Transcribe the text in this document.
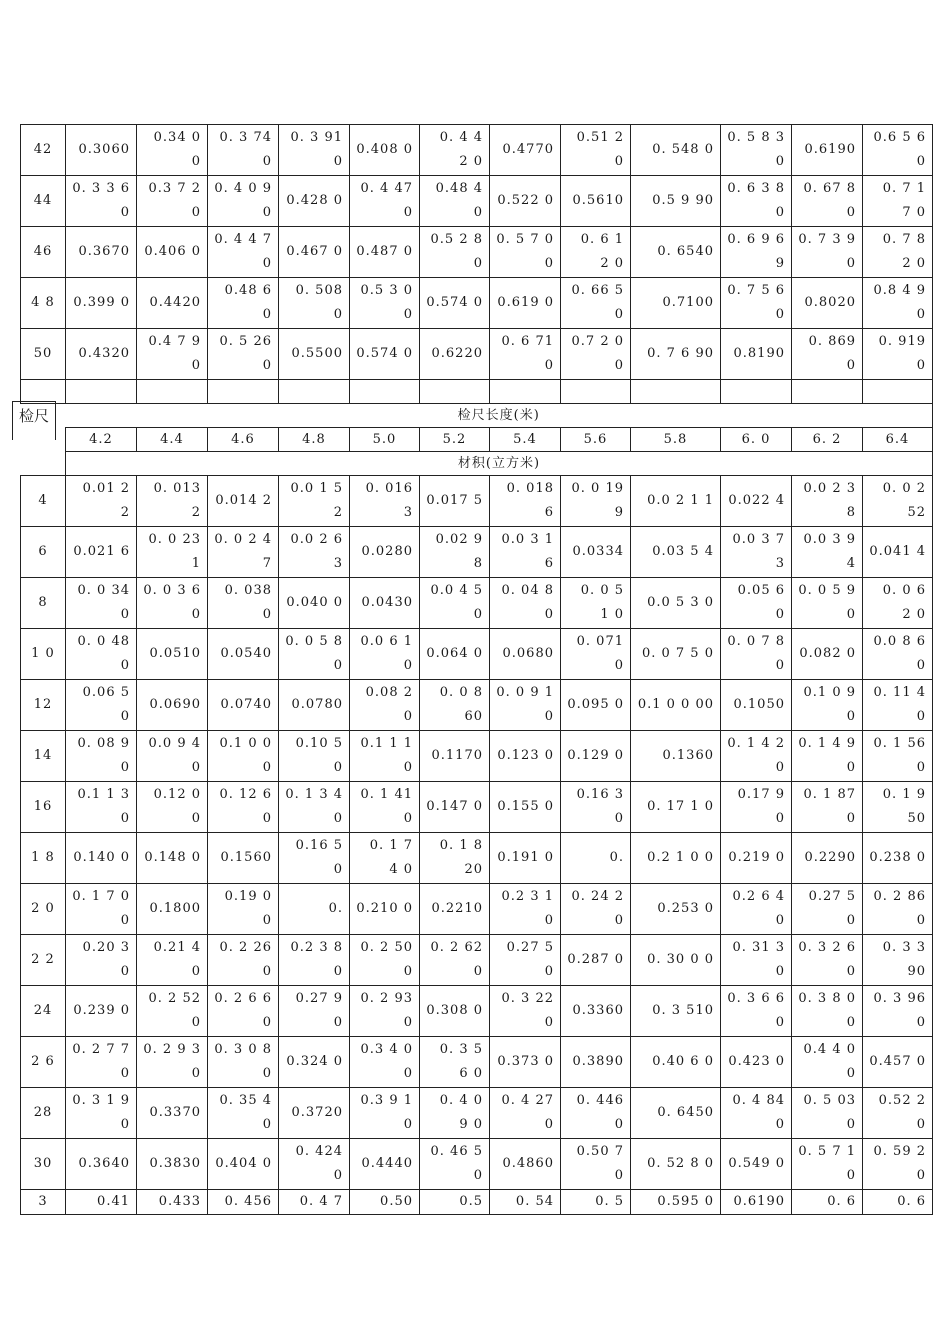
检尺
42	0.3060	0.34 0 0	0. 3 74 0	0. 3 91 0	0.408 0	0. 4 4 2 0	0.4770	0.51 2 0	0. 548 0	0. 5 8 3 0	0.6190	0.6 5 6 0
44	0. 3 3 60	0.3 7 20	0. 4 0 90	0.428 0	0. 4 470	0.48 4 0	0.522 0	0.5610	0.5 9 90	0. 6 3 80	0. 67 8 0	0. 7 1 7 0
46	0.3670	0.406 0	0. 4 4 7 0	0.467 0	0.487 0	0.5 2 8 0	0. 5 7 0 0	0. 6 1 2 0	0. 6540	0. 6 9 69	0. 7 3 9 0	0. 7 8 2 0
4 8	0.399 0	0.4420	0.48 6 0	0. 508 0	0.5 3 00	0.574 0	0.619 0	0. 66 50	0.7100	0. 7 5 6 0	0.8020	0.8 4 9 0
50	0.4320	0.4 7 90	0. 5 260	0.5500	0.574 0	0.6220	0. 6 710	0.7 2 00	0. 7 6 90	0.8190	0. 869 0	0. 919 0

	检尺长度(米)											
	4.2	4.4	4.6	4.8	5.0	5.2	5.4	5.6	5.8	6. 0	6. 2	6.4
	材积(立方米)											
4	0.01 2 2	0. 013 2	0.014 2	0.0 1 52	0. 016 3	0.017 5	0. 018 6	0. 0 199	0.0 2 1 1	0.022 4	0.0 2 38	0. 0 2 52
6	0.021 6	0. 0 23 1	0. 0 2 47	0.0 2 63	0.0280	0.02 9 8	0.0 3 16	0.0334	0.03 5 4	0.0 3 73	0.0 3 9 4	0.041 4
8	0. 0 34 0	0. 0 3 6 0	0. 038 0	0.040 0	0.0430	0.0 4 50	0. 04 8 0	0. 0 5 1 0	0.0 5 3 0	0.05 6 0	0. 0 5 90	0. 0 6 2 0
1 0	0. 0 480	0.0510	0.0540	0. 0 5 80	0.0 6 10	0.064 0	0.0680	0. 071 0	0. 0 7 5 0	0. 0 7 80	0.082 0	0.0 8 60
12	0.06 5 0	0.0690	0.0740	0.0780	0.08 2 0	0. 0 8 60	0. 0 9 10	0.095 0	0.1 0 0 00	0.1050	0.1 0 90	0. 11 4 0
14	0. 08 9 0	0.0 9 40	0.1 0 00	0.10 5 0	0.1 1 10	0.1170	0.123 0	0.129 0	0.1360	0. 1 4 2 0	0. 1 4 90	0. 1 56 0
16	0.1 1 30	0.12 0 0	0. 12 6 0	0. 1 3 4 0	0. 1 410	0.147 0	0.155 0	0.16 3 0	0. 17 1 0	0.17 9 0	0. 1 870	0. 1 9 50
1 8	0.140 0	0.148 0	0.1560	0.16 5 0	0. 1 7 4 0	0. 1 8 20	0.191 0	0.	0.2 1 0 0	0.219 0	0.2290	0.238 0
2 0	0. 1 7 0 0	0.1800	0.19 0 0	0.	0.210 0	0.2210	0.2 3 10	0. 24 20	0.253 0	0.2 6 40	0.27 5 0	0. 2 86 0
2 2	0.20 3 0	0.21 4 0	0. 2 260	0.2 3 80	0. 2 500	0. 2 62 0	0.27 5 0	0.287 0	0. 30 0 0	0. 31 3 0	0. 3 2 60	0. 3 3 90
24	0.239 0	0. 2 520	0. 2 6 6 0	0.27 9 0	0. 2 93 0	0.308 0	0. 3 220	0.3360	0. 3 510	0. 3 6 60	0. 3 8 00	0. 3 96 0
2 6	0. 2 7 7 0	0. 2 9 30	0. 3 0 80	0.324 0	0.3 4 0 0	0. 3 5 6 0	0.373 0	0.3890	0.40 6 0	0.423 0	0.4 4 00	0.457 0
28	0. 3 1 9 0	0.3370	0. 35 4 0	0.3720	0.3 9 1 0	0. 4 0 9 0	0. 4 270	0. 446 0	0. 6450	0. 4 840	0. 5 03 0	0.52 2 0
30	0.3640	0.3830	0.404 0	0. 424 0	0.4440	0. 46 5 0	0.4860	0.50 7 0	0. 52 8 0	0.549 0	0. 5 7 1 0	0. 59 2 0
3	0.41	0.433	0. 456	0. 4 7	0.50	0.5	0. 54	0. 5	0.595 0	0.6190	0. 6	0. 6
